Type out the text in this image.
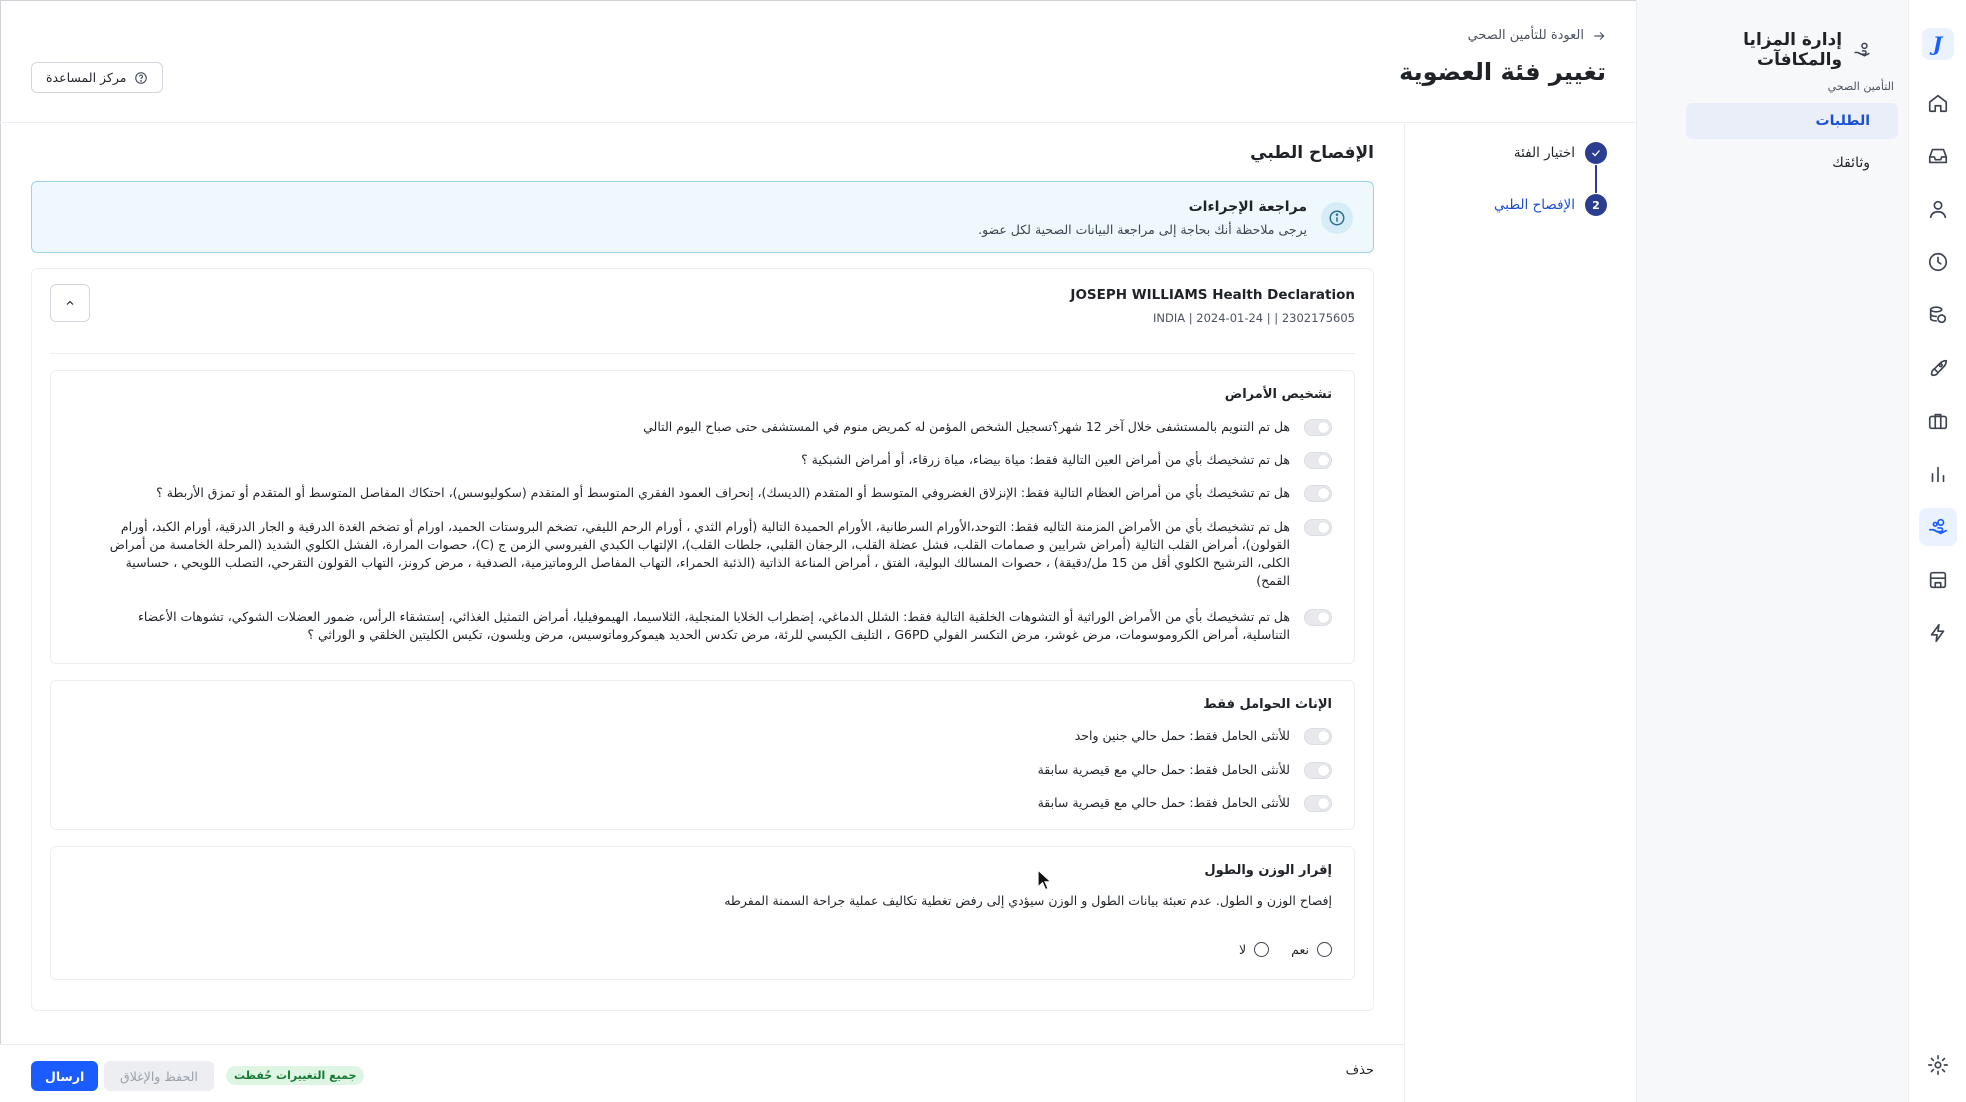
J
إدارة المزايا والمكافآت
التأمين الصحي
الطلبات
وثائقك
العودة للتأمين الصحي
تغيير فئة العضوية
مركز المساعدة
اختيار الفئة
2
الإفصاح الطبي
الإفصاح الطبي
مراجعة الإجراءات
يرجى ملاحظة أنك بحاجة إلى مراجعة البيانات الصحية لكل عضو.
JOSEPH WILLIAMS Health Declaration
INDIA | 2024-01-24 | | 2302175605
تشخيص الأمراض
هل تم التنويم بالمستشفى خلال آخر 12 شهر؟تسجيل الشخص المؤمن له كمريض منوم في المستشفى حتى صباح اليوم التالي
هل تم تشخيصك بأي من أمراض العين التالية فقط: مياة بيضاء، مياة زرقاء، أو أمراض الشبكية ؟
هل تم تشخيصك بأي من أمراض العظام التالية فقط: الإنزلاق الغضروفي المتوسط أو المتقدم (الديسك)، إنحراف العمود الفقري المتوسط أو المتقدم (سكوليوسس)، احتكاك المفاصل المتوسط أو المتقدم أو تمزق الأربطة ؟
هل تم تشخيصك بأي من الأمراض المزمنة التاليه فقط: التوحد،الأورام السرطانية، الأورام الحميدة التالية (أورام الثدي ، أورام الرحم الليفي، تضخم البروستات الحميد، اورام أو تضخم الغدة الدرقية و الجار الدرقية، أورام الكبد، أورام القولون)، أمراض القلب التالية (أمراض شرايين و صمامات القلب، فشل عضلة القلب، الرجفان القلبي، جلطات القلب)، الإلتهاب الكبدي الفيروسي الزمن ج (C)، حصوات المرارة، الفشل الكلوي الشديد (المرحلة الخامسة من أمراض الكلى، الترشيح الكلوي أقل من 15 مل/دقيقة) ، حصوات المسالك البولية، الفتق ، أمراض المناعة الذاتية (الذئبة الحمراء، التهاب المفاصل الروماتيزمية، الصدفية ، مرض كرونز، التهاب القولون التقرحي، التصلب اللويحي ، حساسية القمح)
هل تم تشخيصك بأي من الأمراض الوراثية أو التشوهات الخلقية التالية فقط: الشلل الدماغي، إضطراب الخلايا المنجلية، الثلاسيما، الهيموفيليا، أمراض التمثيل الغذائي، إستشقاء الرأس، ضمور العضلات الشوكي، تشوهات الأعضاء التناسلية، أمراض الكروموسومات، مرض غوشر، مرض التكسر الفولي G6PD ، التليف الكيسي للرئة، مرض تكدس الحديد هيموكروماتوسيس، مرض ويلسون، تكيس الكليتين الخلقي و الوراثي ؟
الإناث الحوامل فقط
للأنثى الحامل فقط: حمل حالي جنين واحد
للأنثى الحامل فقط: حمل حالي مع قيصرية سابقة
للأنثى الحامل فقط: حمل حالي مع قيصرية سابقة
إقرار الوزن والطول
إفصاح الوزن و الطول. عدم تعبئة بيانات الطول و الوزن سيؤدي إلى رفض تغطية تكاليف عملية جراحة السمنة المفرطه
نعم
لا
حذف
جميع التغييرات حُفظت
الحفظ والإغلاق
ارسال
